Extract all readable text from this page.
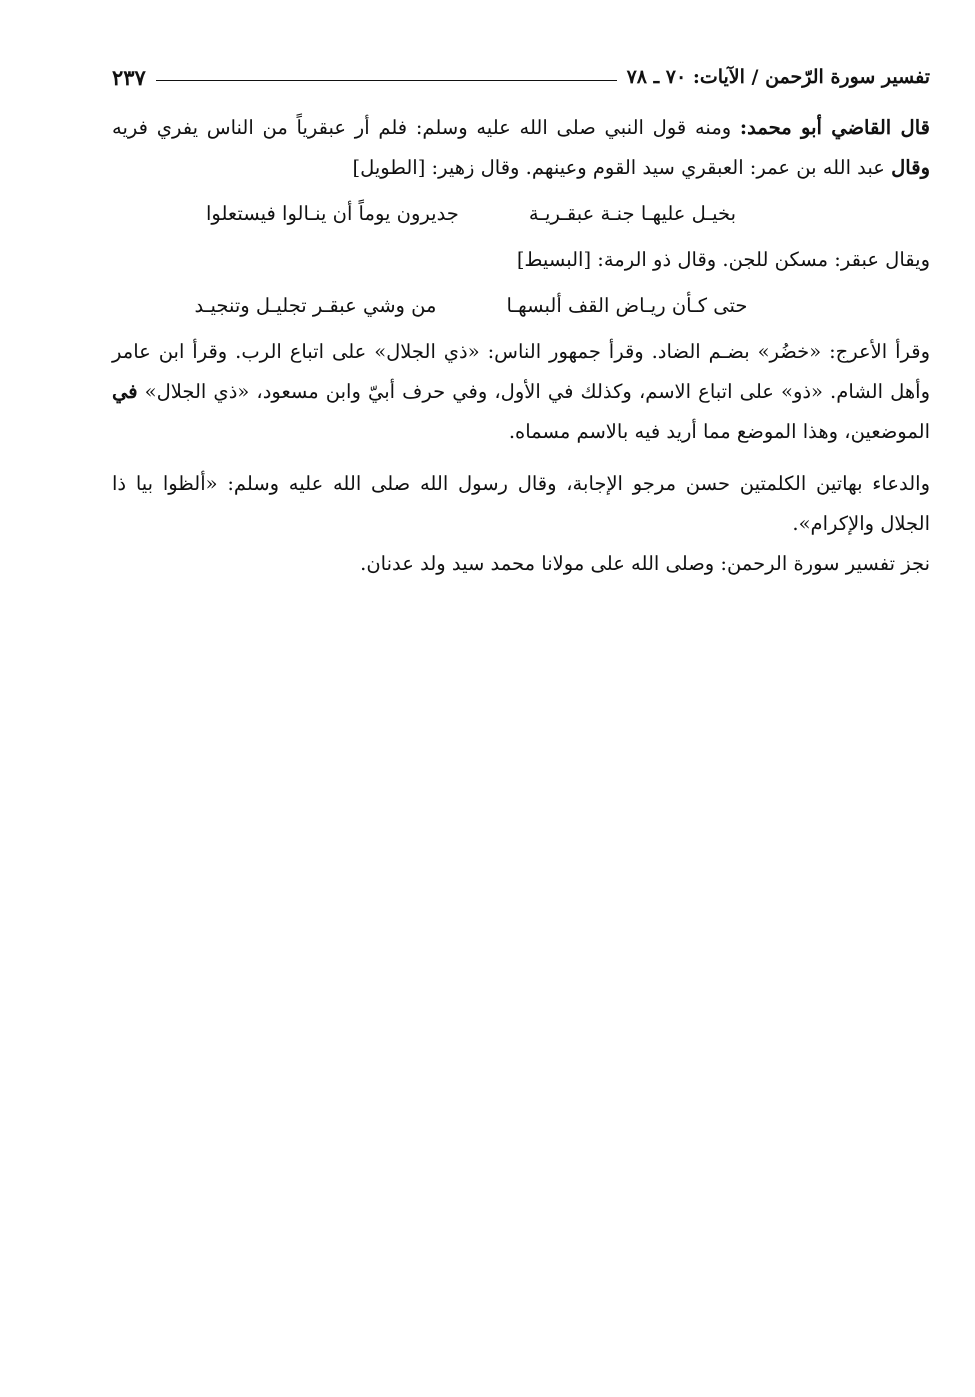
تفسير سورة الرّحمن / الآيات: ٧٠ ـ ٧٨
٢٣٧

قال القاضي أبو محمد: ومنه قول النبي صلى الله عليه وسلم: فلم أر عبقرياً من الناس يفري فريه وقال عبد الله بن عمر: العبقري سيد القوم وعينهم. وقال زهير: [الطويل]

بخيـل عليهـا جنـة عبقـريـة
جديرون يوماً أن ينـالوا فيستعلوا

ويقال عبقر: مسكن للجن. وقال ذو الرمة: [البسيط]

حتى كـأن ريـاض القف ألبسهـا
من وشي عبقـر تجليـل وتنجيـد

وقرأ الأعرج: «خضُر» بضـم الضاد. وقرأ جمهور الناس: «ذي الجلال» على اتباع الرب. وقرأ ابن عامر وأهل الشام. «ذو» على اتباع الاسم، وكذلك في الأول، وفي حرف أبيّ وابن مسعود، «ذي الجلال» في الموضعين، وهذا الموضع مما أريد فيه بالاسم مسماه.

والدعاء بهاتين الكلمتين حسن مرجو الإجابة، وقال رسول الله صلى الله عليه وسلم: «ألظوا بيا ذا الجلال والإكرام».

نجز تفسير سورة الرحمن: وصلى الله على مولانا محمد سيد ولد عدنان.
